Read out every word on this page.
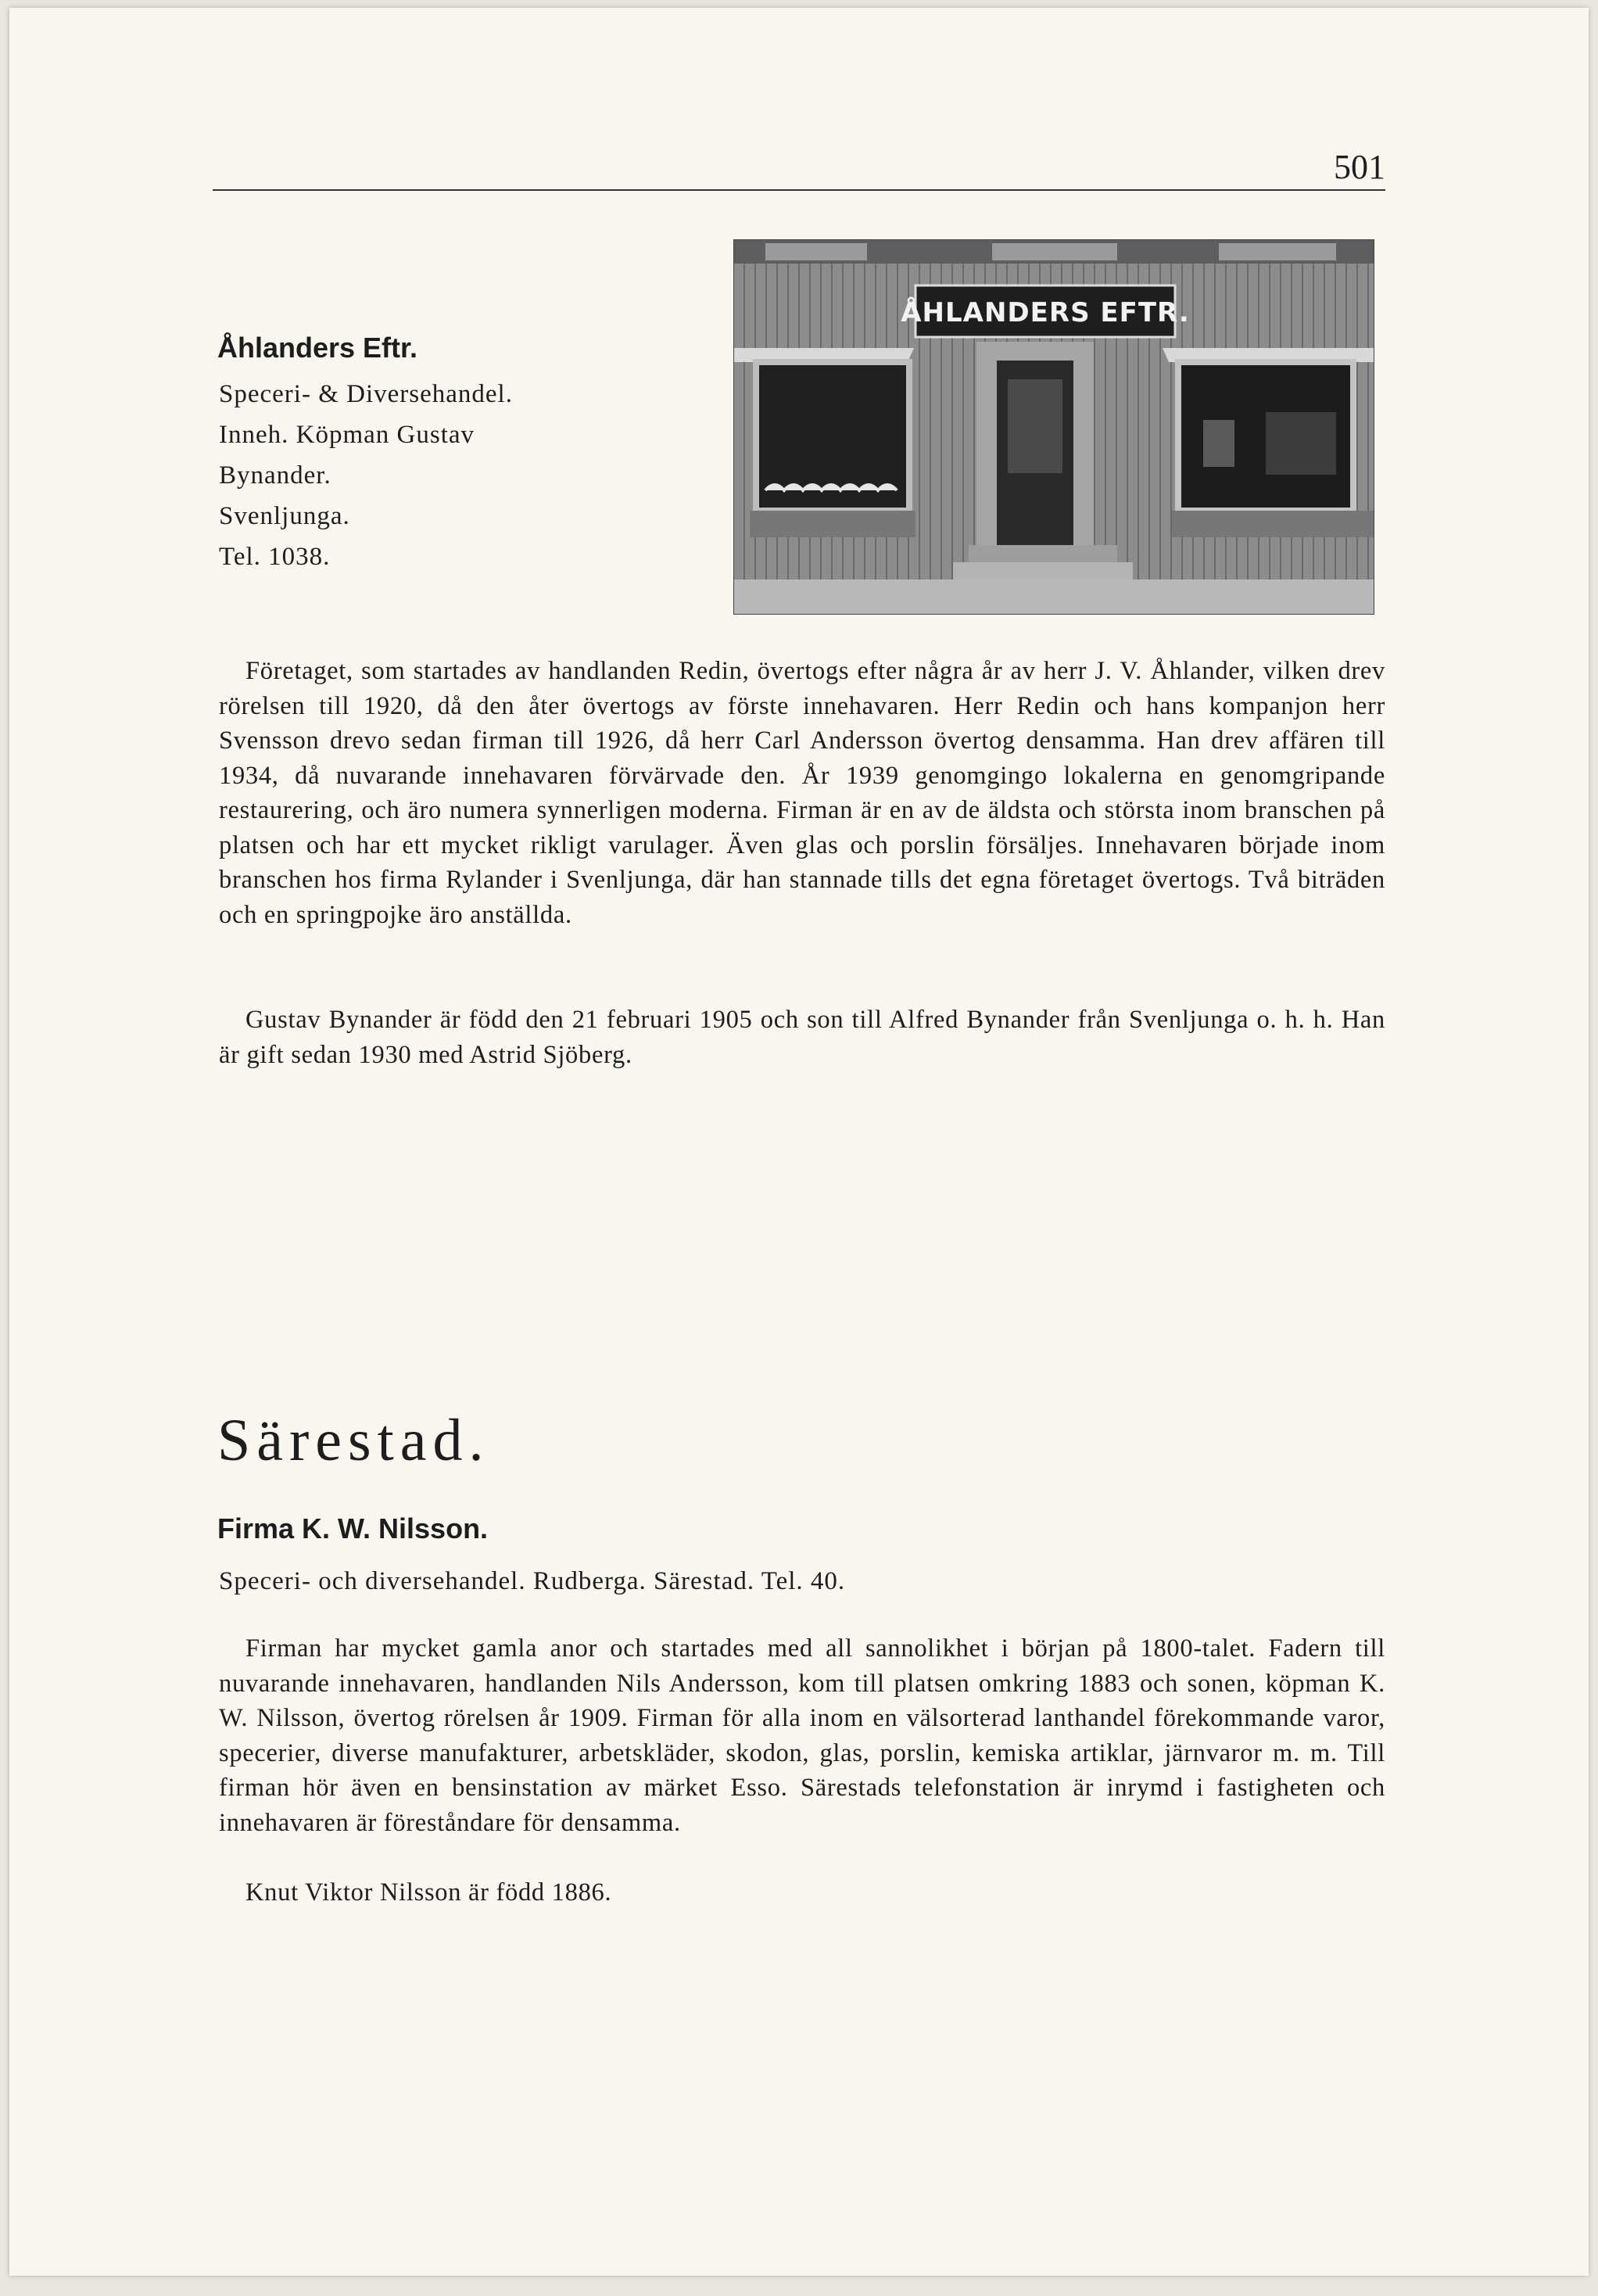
501
Åhlanders Eftr.
Speceri- & Diversehandel.
Inneh. Köpman Gustav
Bynander.
Svenljunga.
Tel. 1038.
ÅHLANDERS EFTR.

Företaget, som startades av handlanden Redin, övertogs efter några år av herr J. V. Åhlander, vilken drev rörelsen till 1920, då den åter övertogs av förste innehavaren. Herr Redin och hans kompanjon herr Svensson drevo sedan firman till 1926, då herr Carl Andersson övertog densamma. Han drev affären till 1934, då nuvarande innehavaren förvärvade den. År 1939 genomgingo lokalerna en genomgripande restaurering, och äro numera synnerligen moderna. Firman är en av de äldsta och största inom branschen på platsen och har ett mycket rikligt varulager. Även glas och porslin försäljes. Innehavaren började inom branschen hos firma Rylander i Svenljunga, där han stannade tills det egna företaget övertogs. Två biträden och en springpojke äro anställda.

Gustav Bynander är född den 21 februari 1905 och son till Alfred Bynander från Svenljunga o. h. h. Han är gift sedan 1930 med Astrid Sjöberg.

Särestad.
Firma K. W. Nilsson.
Speceri- och diversehandel. Rudberga. Särestad. Tel. 40.

Firman har mycket gamla anor och startades med all sannolikhet i början på 1800-talet. Fadern till nuvarande innehavaren, handlanden Nils Andersson, kom till platsen omkring 1883 och sonen, köpman K. W. Nilsson, övertog rörelsen år 1909. Firman för alla inom en välsorterad lanthandel förekommande varor, specerier, diverse manufakturer, arbetskläder, skodon, glas, porslin, kemiska artiklar, järnvaror m. m. Till firman hör även en bensinstation av märket Esso. Särestads telefonstation är inrymd i fastigheten och innehavaren är föreståndare för densamma.

Knut Viktor Nilsson är född 1886.
